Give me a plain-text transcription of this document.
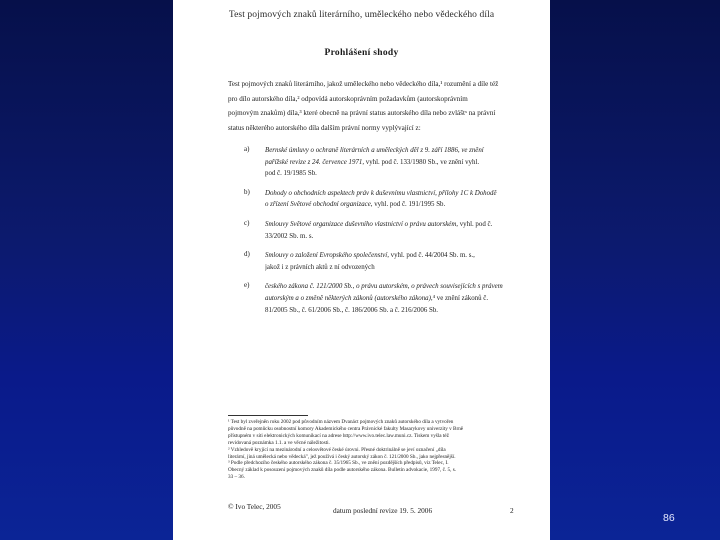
Test pojmových znaků literárního, uměleckého nebo vědeckého díla
Prohlášení shody
Test pojmových znaků literárního, jakož uměleckého nebo vědeckého díla,¹ rozumění a díle též
pro dílo autorského díla,² odpovídá autorskoprávním požadavkům (autorskoprávním
pojmovým znakům) díla,³ které obecně na právní status autorského díla nebo zvláštˣ na právní
status některého autorského díla dalším právní normy vyplývající z:
a) Bernské úmluvy o ochraně literárních a uměleckých děl z 9. září 1886, ve znění
pařížské revize z 24. července 1971, vyhl. pod č. 133/1980 Sb., ve znění vyhl.
pod č. 19/1985 Sb.
b) Dohody o obchodních aspektech práv k duševnímu vlastnictví, přílohy 1C k Dohodě
o zřízení Světové obchodní organizace, vyhl. pod č. 191/1995 Sb.
c) Smlouvy Světové organizace duševního vlastnictví o právu autorském, vyhl. pod č.
33/2002 Sb. m. s.
d) Smlouvy o založení Evropského společenství, vyhl. pod č. 44/2004 Sb. m. s.,
jakož i z právních aktů z ní odvozených
e) českého zákona č. 121/2000 Sb., o právu autorském, o právech souvisejících s právem
autorským a o změně některých zákonů (autorského zákona),⁴ ve znění zákonů č.
81/2005 Sb., č. 61/2006 Sb., č. 186/2006 Sb. a č. 216/2006 Sb.
¹ Test byl zveřejněn roku 2002 pod původním názvem Dvanáct pojmových znaků autorského díla a vytvořen
původně na pomůcku osobnostní komory Akademického centra Právnické fakulty Masarykovy univerzity v Brně
přístupném v síti elektronických komunikací na adrese http://www.ivo.telec.law.muni.cz. Tiskem vyšla též
revidovaná poznámka 1.1. a ve věcné náležitosti.
² Vzhledově kryjící na mezinárodní a celosvětové české úrovni. Přesné doktrinálně se jeví označení „díla
literární, jiná umělecká nebo vědecká", jež používá i český autorský zákon č. 121/2000 Sb., jako nejpřesnější.
³ Podle předchozího českého autorského zákona č. 35/1965 Sb., ve znění pozdějších předpisů, viz Telec, I.
Obecný základ k posouzení pojmových znaků díla podle autorského zákona. Bulletin advokacie, 1997, č. 5, s.
33 – 36.
© Ivo Telec, 2005	datum poslední revize 19. 5. 2006	2
86
